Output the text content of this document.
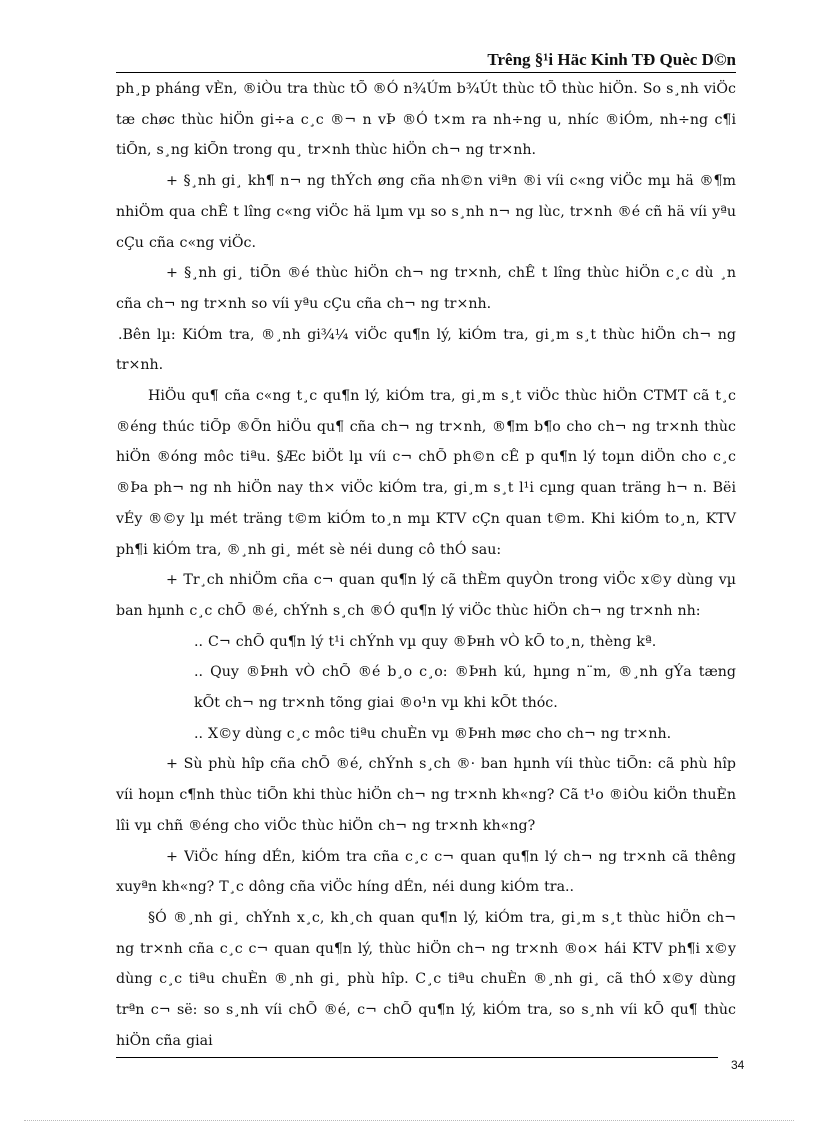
Trêng §¹i Häc Kinh TÐ Quèc D©n

ph¸p pháng vÈn, ®iÒu tra thùc tÕ ®Ó n¾Úm b¾Út thùc tÕ thùc hiÖn. So s¸nh viÖc tæ chøc thùc hiÖn gi÷a c¸c ®¬ n vÞ ®Ó t×m ra nh÷ng u, nhíc ®iÓm, nh÷ng c¶i tiÕn, s¸ng kiÕn trong qu¸ tr×nh thùc hiÖn ch¬ ng tr×nh.

+ §¸nh gi¸ kh¶ n¬ ng thÝch øng cña nh©n viªn ®i víi c«ng viÖc mµ hä ®¶m nhiÖm qua chÊ t lîng c«ng viÖc hä lµm vµ so s¸nh n¬ ng lùc, tr×nh ®é cñ hä víi yªu cÇu cña c«ng viÖc.

+ §¸nh gi¸ tiÕn ®é thùc hiÖn ch¬ ng tr×nh, chÊ t lîng thùc hiÖn c¸c dù ¸n cña ch¬ ng tr×nh so víi yªu cÇu cña ch¬ ng tr×nh.

.Bên lµ: KiÓm tra, ®¸nh gi¾¼ viÖc qu¶n lý, kiÓm tra, gi¸m s¸t thùc hiÖn ch¬ ng tr×nh.

HiÖu qu¶ cña c«ng t¸c qu¶n lý, kiÓm tra, gi¸m s¸t viÖc thùc hiÖn CTMT cã t¸c ®éng thúc tiÕp ®Õn hiÖu qu¶ cña ch¬ ng tr×nh, ®¶m b¶o cho ch¬ ng tr×nh thùc hiÖn ®óng môc tiªu. §Æc biÖt lµ víi c¬ chÕ ph©n cÊ p qu¶n lý toµn diÖn cho c¸c ®Þа ph¬ ng nh hiÖn nay th× viÖc kiÓm tra, gi¸m s¸t l¹i cµng quan träng h¬ n. Bëi vÉy ®©y lµ mét träng t©m kiÓm to¸n mµ KTV cÇn quan t©m. Khi kiÓm to¸n, KTV ph¶i kiÓm tra, ®¸nh gi¸ mét sè néi dung cô thÓ sau:

+ Tr¸ch nhiÖm cña c¬ quan qu¶n lý cã thÈm quyÒn trong viÖc x©y dùng vµ ban hµnh c¸c chÕ ®é, chÝnh s¸ch ®Ó qu¶n lý viÖc thùc hiÖn ch¬ ng tr×nh nh:

.. C¬ chÕ qu¶n lý t¹i chÝnh vµ quy ®Þнh vÒ kÕ to¸n, thèng kª.

.. Quy ®Þнh vÒ chÕ ®é b¸o c¸o: ®Þнh kú, hµng n¨m, ®¸nh gÝа tæng kÕt ch¬ ng tr×nh tõng giai ®o¹n vµ khi kÕt thóc.

.. X©y dùng c¸c môc tiªu chuÈn vµ ®Þнh møc cho ch¬ ng tr×nh.

+ Sù phù hîp cña chÕ ®é, chÝnh s¸ch ®· ban hµnh víi thùc tiÕn: cã phù hîp víi hoµn c¶nh thùc tiÕn khi thùc hiÖn ch¬ ng tr×nh kh«ng? Cã t¹o ®iÒu kiÖn thuÈn lîi vµ chñ ®éng cho viÖc thùc hiÖn ch¬ ng tr×nh kh«ng?

+ ViÖc híng dÉn, kiÓm tra cña c¸c c¬ quan qu¶n lý ch¬ ng tr×nh cã thêng xuyªn kh«ng? T¸c dông cña viÖc híng dÉn, néi dung kiÓm tra..

§Ó ®¸nh gi¸ chÝnh x¸c, kh¸ch quan qu¶n lý, kiÓm tra, gi¸m s¸t thùc hiÖn ch¬ ng tr×nh cña c¸c c¬ quan qu¶n lý, thùc hiÖn ch¬ ng tr×nh ®o× hái KTV ph¶i x©y dùng c¸c tiªu chuÈn ®¸nh gi¸ phù hîp. C¸c tiªu chuÈn ®¸nh gi¸ cã thÓ x©y dùng trªn c¬ së: so s¸nh víi chÕ ®é, c¬ chÕ qu¶n lý, kiÓm tra, so s¸nh víi kÕ qu¶ thùc hiÖn cña giai

34
